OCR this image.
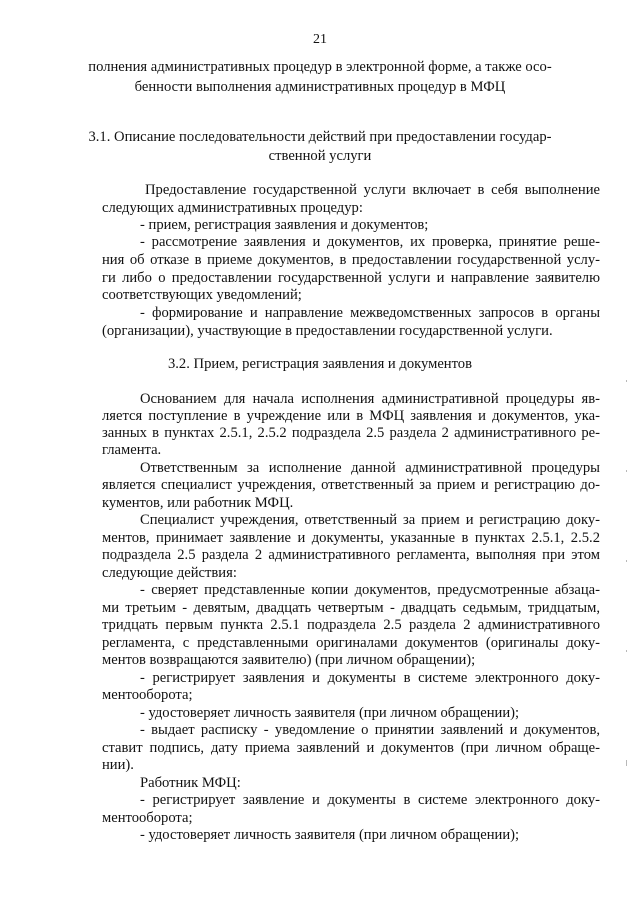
21
полнения административных процедур в электронной форме, а также осо-
бенности выполнения административных процедур в МФЦ
3.1. Описание последовательности действий при предоставлении государ-
ственной услуги
Предоставление государственной услуги включает в себя выполнение
следующих административных процедур:
- прием, регистрация заявления и документов;
- рассмотрение заявления и документов, их проверка, принятие реше-
ния об отказе в приеме документов, в предоставлении государственной услу-
ги либо о предоставлении государственной услуги и направление заявителю
соответствующих уведомлений;
- формирование и направление межведомственных запросов в органы
(организации), участвующие в предоставлении государственной услуги.
3.2. Прием, регистрация заявления и документов
Основанием для начала исполнения административной процедуры яв-
ляется поступление в учреждение или в МФЦ заявления и документов, ука-
занных в пунктах 2.5.1, 2.5.2 подраздела 2.5 раздела 2 административного ре-
гламента.
Ответственным за исполнение данной административной процедуры
является специалист учреждения, ответственный за прием и регистрацию до-
кументов, или работник МФЦ.
Специалист учреждения, ответственный за прием и регистрацию доку-
ментов, принимает заявление и документы, указанные в пунктах 2.5.1, 2.5.2
подраздела 2.5 раздела 2 административного регламента, выполняя при этом
следующие действия:
- сверяет представленные копии документов, предусмотренные абзаца-
ми третьим - девятым, двадцать четвертым - двадцать седьмым, тридцатым,
тридцать первым пункта 2.5.1 подраздела 2.5 раздела 2 административного
регламента, с представленными оригиналами документов (оригиналы доку-
ментов возвращаются заявителю) (при личном обращении);
- регистрирует заявления и документы в системе электронного доку-
ментооборота;
- удостоверяет личность заявителя (при личном обращении);
- выдает расписку - уведомление о принятии заявлений и документов,
ставит подпись, дату приема заявлений и документов (при личном обраще-
нии).
Работник МФЦ:
- регистрирует заявление и документы в системе электронного доку-
ментооборота;
- удостоверяет личность заявителя (при личном обращении);
